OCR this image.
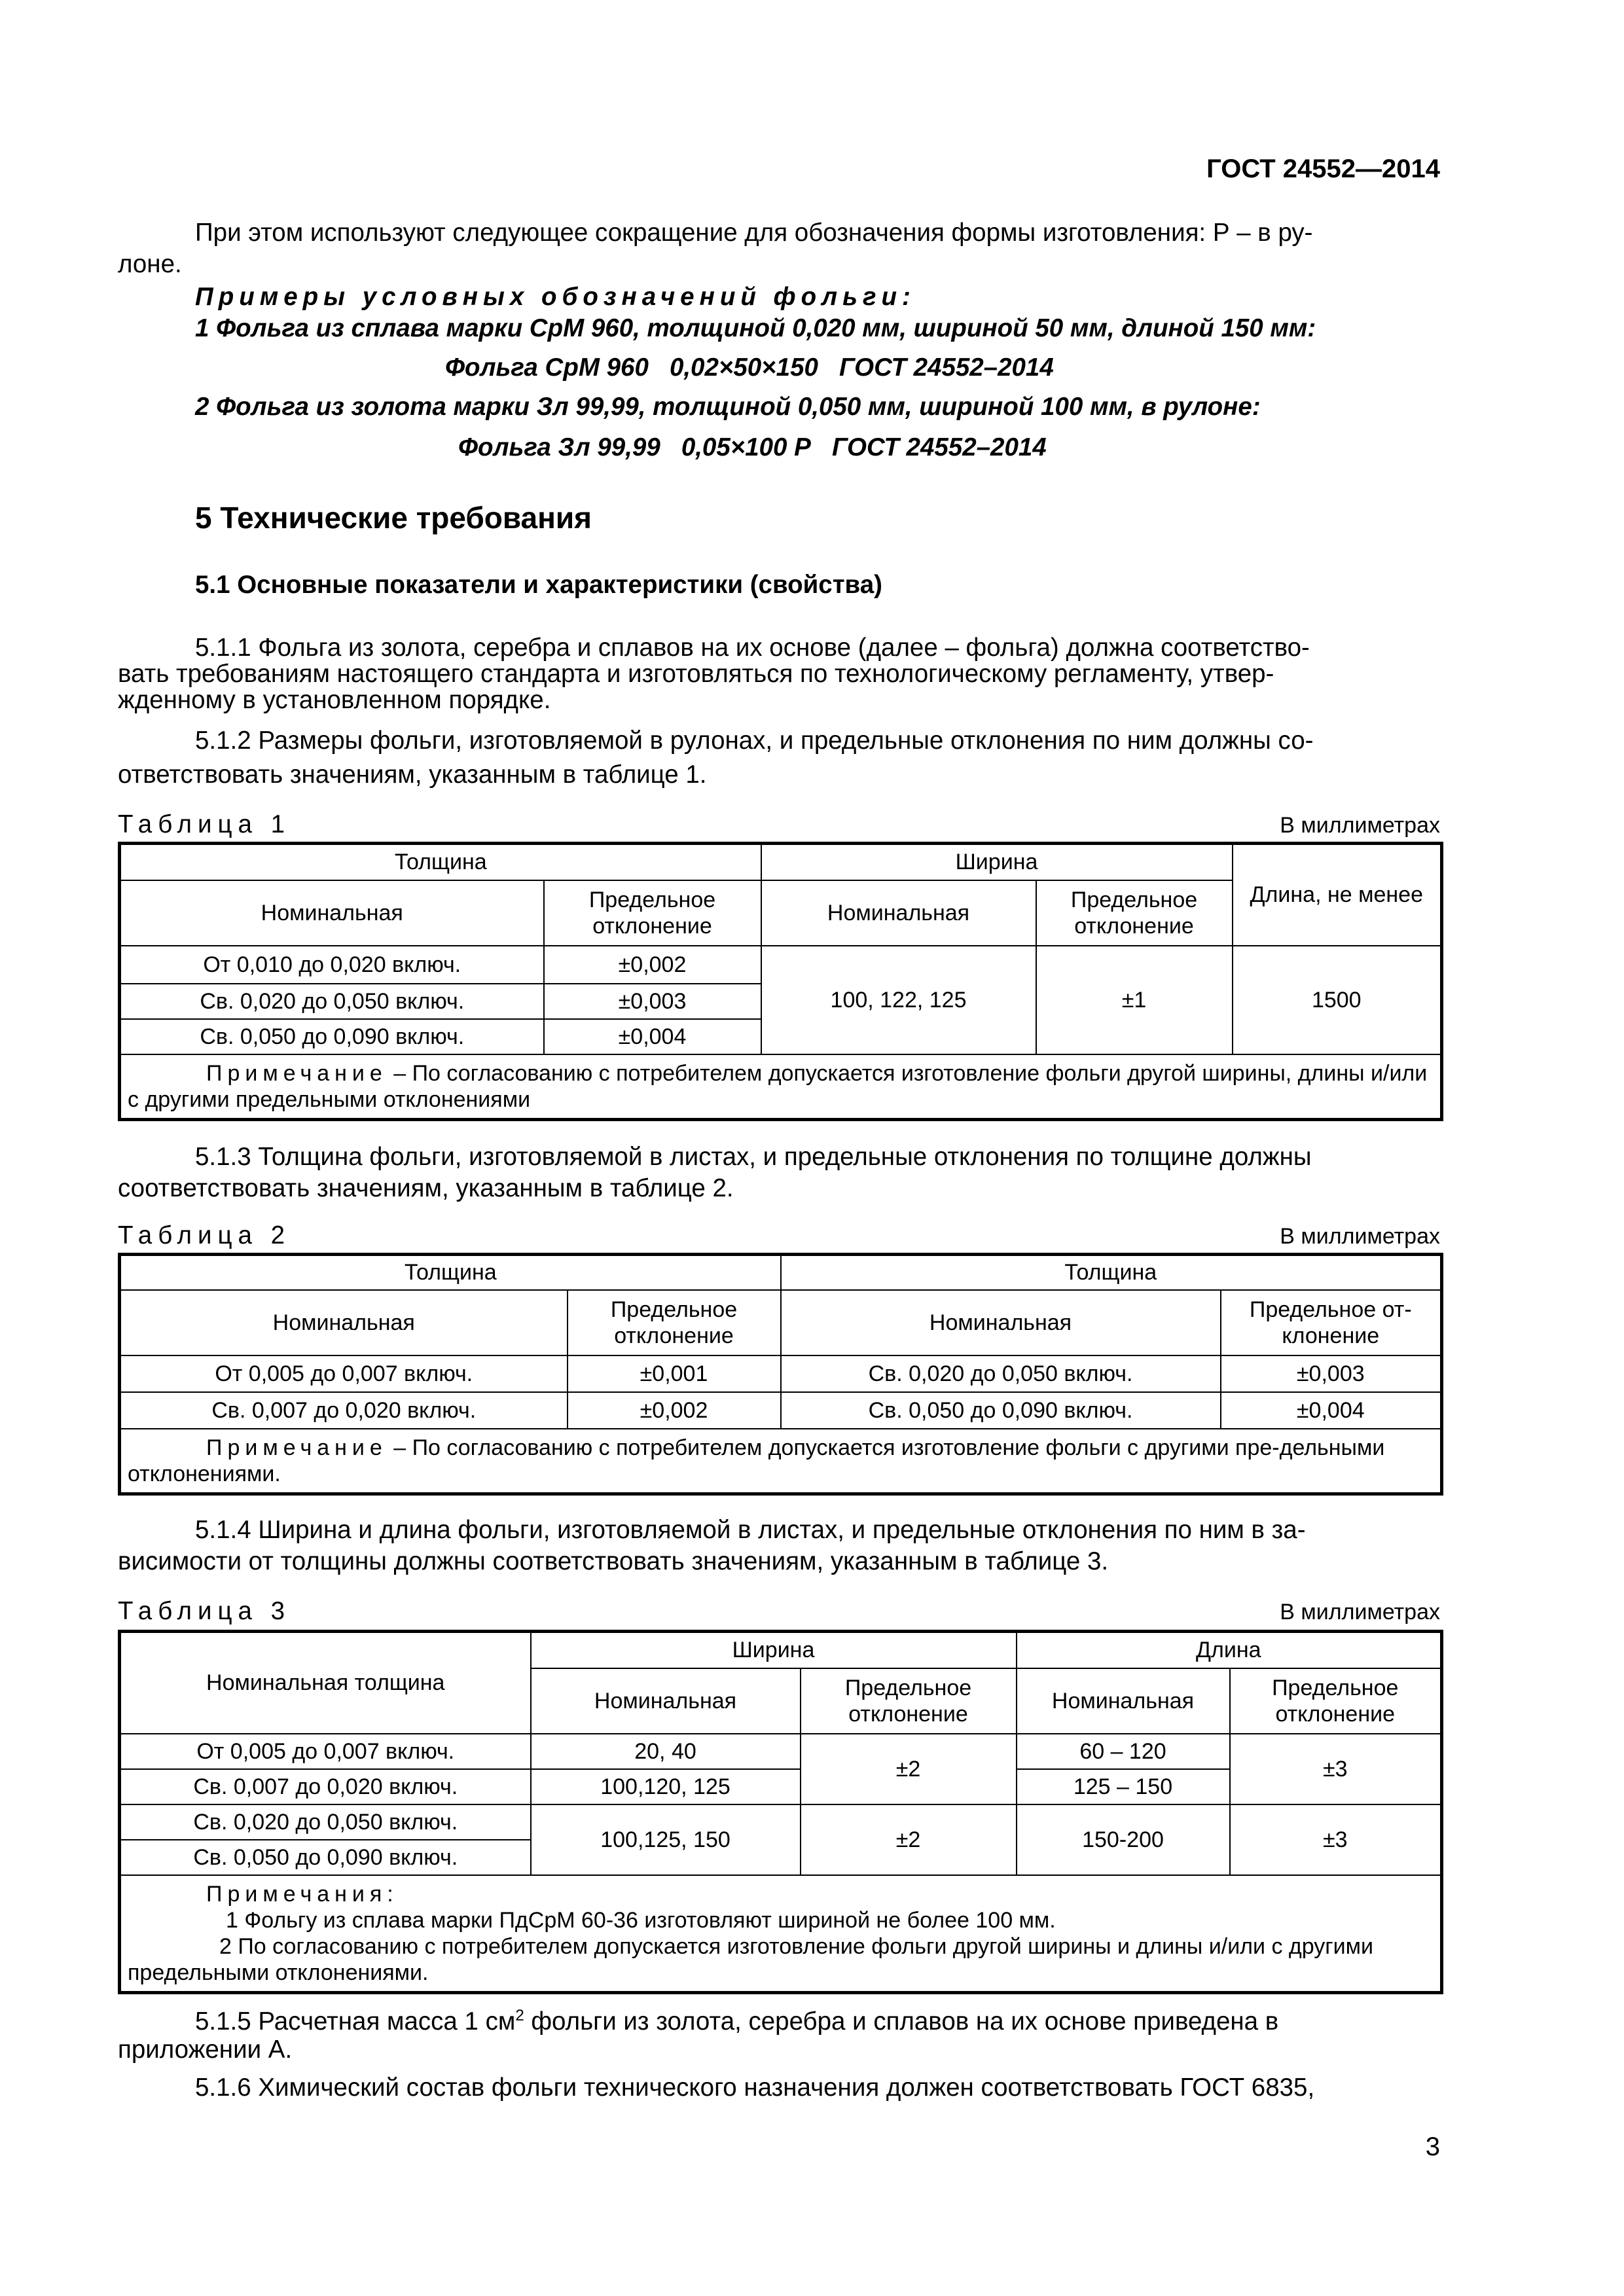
ГОСТ 24552—2014
При этом используют следующее сокращение для обозначения формы изготовления: Р – в ру-
лоне.
Примеры условных обозначений фольги:
1 Фольга из сплава марки СрМ 960, толщиной 0,020 мм, шириной 50 мм, длиной 150 мм:
Фольга СрМ 960   0,02×50×150   ГОСТ 24552–2014
2 Фольга из золота марки Зл 99,99, толщиной 0,050 мм, шириной 100 мм, в рулоне:
Фольга Зл 99,99   0,05×100 Р   ГОСТ 24552–2014
5 Технические требования
5.1 Основные показатели и характеристики (свойства)
5.1.1 Фольга из золота, серебра и сплавов на их основе (далее – фольга) должна соответство-
вать требованиям настоящего стандарта и изготовляться по технологическому регламенту, утвер-
жденному в установленном порядке.
5.1.2 Размеры фольги, изготовляемой в рулонах, и предельные отклонения по ним должны со-
ответствовать значениям, указанным в таблице 1.
Таблица 1	В миллиметрах
Толщина		Ширина		Длина, не менее
Номинальная	Предельное отклонение	Номинальная	Предельное отклонение	
От 0,010 до 0,020 включ.	±0,002	100, 122, 125	±1	1500
Св. 0,020 до 0,050 включ.	±0,003			
Св. 0,050 до 0,090 включ.	±0,004			
Примечание – По согласованию с потребителем допускается изготовление фольги другой ширины, длины и/или с другими предельными отклонениями				
5.1.3 Толщина фольги, изготовляемой в листах, и предельные отклонения по толщине должны
соответствовать значениям, указанным в таблице 2.
Таблица 2	В миллиметрах
Толщина		Толщина	
Номинальная	Предельное отклонение	Номинальная	Предельное от-клонение
От 0,005 до 0,007 включ.	±0,001	Св. 0,020 до 0,050 включ.	±0,003
Св. 0,007 до 0,020 включ.	±0,002	Св. 0,050 до 0,090 включ.	±0,004
Примечание – По согласованию с потребителем допускается изготовление фольги с другими пре-дельными отклонениями.			
5.1.4 Ширина и длина фольги, изготовляемой в листах, и предельные отклонения по ним в за-
висимости от толщины должны соответствовать значениям, указанным в таблице 3.
Таблица 3	В миллиметрах
Номинальная толщина	Ширина		Длина	
	Номинальная	Предельное отклонение	Номинальная	Предельное отклонение
От 0,005 до 0,007 включ.	20, 40	±2	60 – 120	±3
Св. 0,007 до 0,020 включ.	100,120, 125		125 – 150	
Св. 0,020 до 0,050 включ.	100,125, 150	±2	150-200	±3
Св. 0,050 до 0,090 включ.				

Примечания:
1 Фольгу из сплава марки ПдСрМ 60-36 изготовляют шириной не более 100 мм.
2 По согласованию с потребителем допускается изготовление фольги другой ширины и длины и/или с другими предельными отклонениями.				
5.1.5 Расчетная масса 1 $см^2$ фольги из золота, серебра и сплавов на их основе приведена в
приложении А.
5.1.6 Химический состав фольги технического назначения должен соответствовать ГОСТ 6835,
3
